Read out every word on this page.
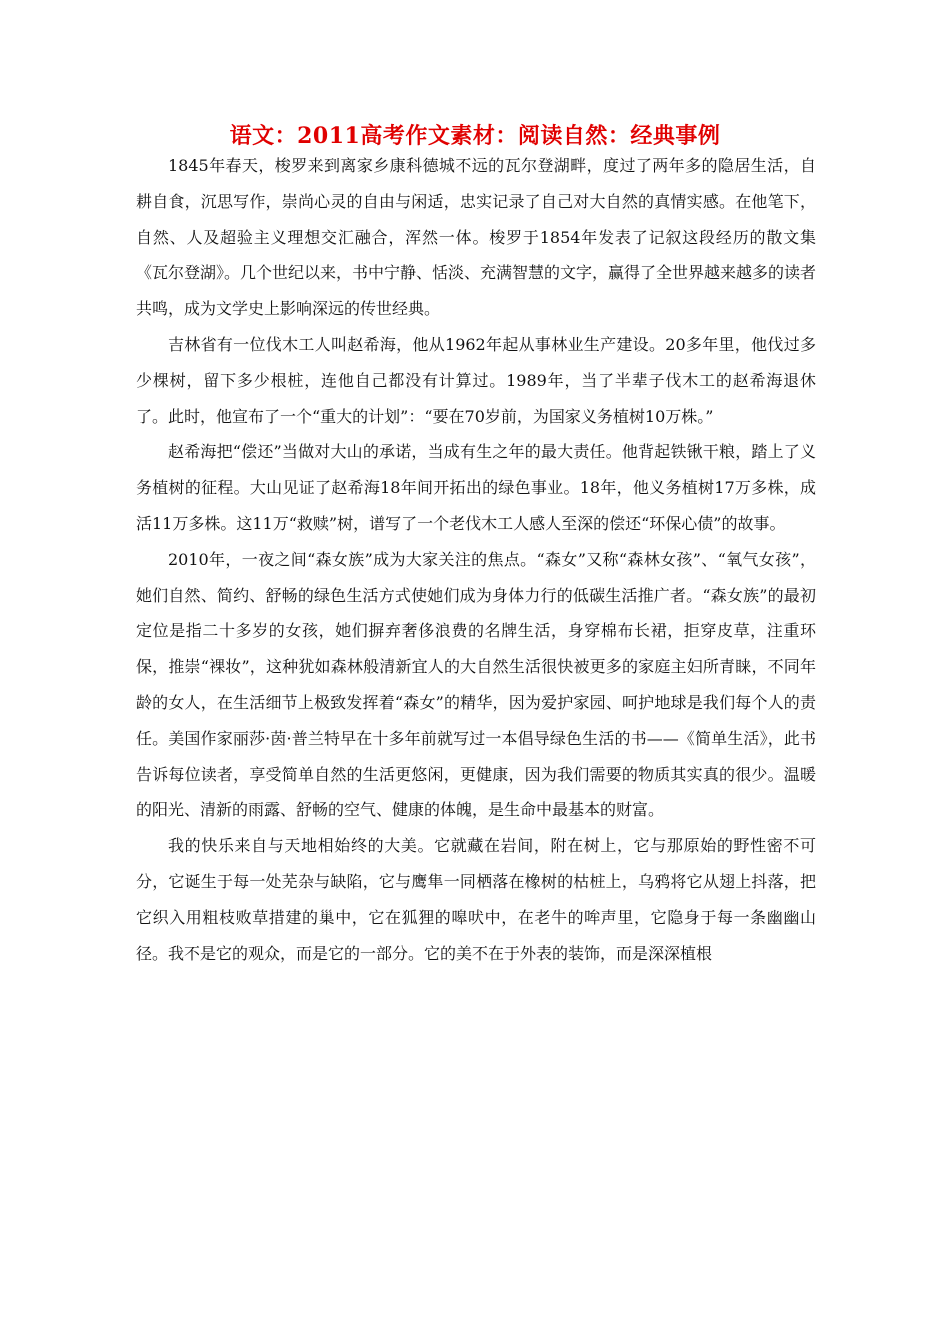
语文：2011高考作文素材：阅读自然：经典事例

1845年春天，梭罗来到离家乡康科德城不远的瓦尔登湖畔，度过了两年多的隐居生活，自耕自食，沉思写作，崇尚心灵的自由与闲适，忠实记录了自己对大自然的真情实感。在他笔下，自然、人及超验主义理想交汇融合，浑然一体。梭罗于1854年发表了记叙这段经历的散文集《瓦尔登湖》。几个世纪以来，书中宁静、恬淡、充满智慧的文字，赢得了全世界越来越多的读者共鸣，成为文学史上影响深远的传世经典。

吉林省有一位伐木工人叫赵希海，他从1962年起从事林业生产建设。20多年里，他伐过多少棵树，留下多少根桩，连他自己都没有计算过。1989年，当了半辈子伐木工的赵希海退休了。此时，他宣布了一个“重大的计划”：“要在70岁前，为国家义务植树10万株。”

赵希海把“偿还”当做对大山的承诺，当成有生之年的最大责任。他背起铁锹干粮，踏上了义务植树的征程。大山见证了赵希海18年间开拓出的绿色事业。18年，他义务植树17万多株，成活11万多株。这11万“救赎”树，谱写了一个老伐木工人感人至深的偿还“环保心债”的故事。

2010年，一夜之间“森女族”成为大家关注的焦点。“森女”又称“森林女孩”、“氧气女孩”，她们自然、简约、舒畅的绿色生活方式使她们成为身体力行的低碳生活推广者。“森女族”的最初定位是指二十多岁的女孩，她们摒弃奢侈浪费的名牌生活，身穿棉布长裙，拒穿皮草，注重环保，推崇“裸妆”，这种犹如森林般清新宜人的大自然生活很快被更多的家庭主妇所青睐，不同年龄的女人，在生活细节上极致发挥着“森女”的精华，因为爱护家园、呵护地球是我们每个人的责任。美国作家丽莎·茵·普兰特早在十多年前就写过一本倡导绿色生活的书——《简单生活》，此书告诉每位读者，享受简单自然的生活更悠闲，更健康，因为我们需要的物质其实真的很少。温暖的阳光、清新的雨露、舒畅的空气、健康的体魄，是生命中最基本的财富。

我的快乐来自与天地相始终的大美。它就藏在岩间，附在树上，它与那原始的野性密不可分，它诞生于每一处芜杂与缺陷，它与鹰隼一同栖落在橡树的枯桩上，乌鸦将它从翅上抖落，把它织入用粗枝败草措建的巢中，它在狐狸的嗥吠中，在老牛的哞声里，它隐身于每一条幽幽山径。我不是它的观众，而是它的一部分。它的美不在于外表的装饰，而是深深植根
